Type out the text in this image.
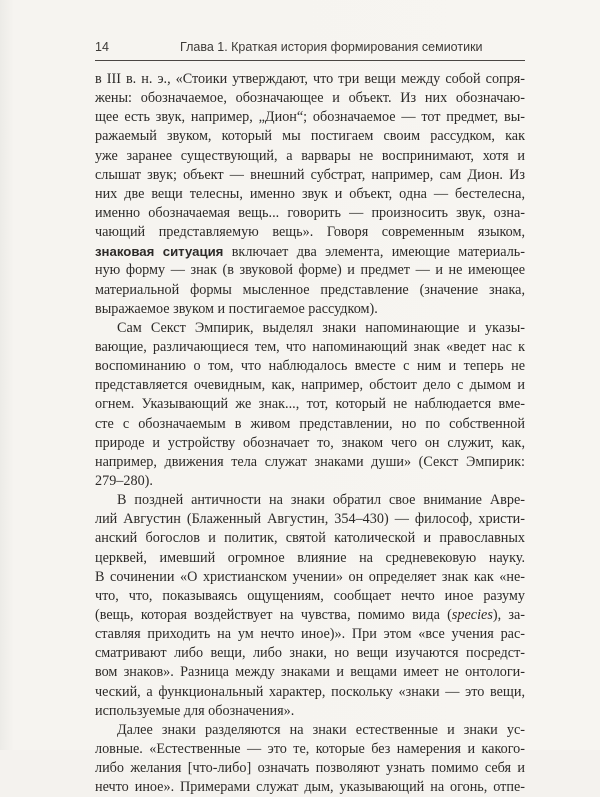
14	Глава 1. Краткая история формирования семиотики
в III в. н. э., «Стоики утверждают, что три вещи между собой сопря-
жены: обозначаемое, обозначающее и объект. Из них обозначаю-
щее есть звук, например, „Дион“; обозначаемое — тот предмет, вы-
ражаемый звуком, который мы постигаем своим рассудком, как
уже заранее существующий, а варвары не воспринимают, хотя и
слышат звук; объект — внешний субстрат, например, сам Дион. Из
них две вещи телесны, именно звук и объект, одна — бестелесна,
именно обозначаемая вещь... говорить — произносить звук, озна-
чающий представляемую вещь». Говоря современным языком,
знаковая ситуация включает два элемента, имеющие материаль-
ную форму — знак (в звуковой форме) и предмет — и не имеющее
материальной формы мысленное представление (значение знака,
выражаемое звуком и постигаемое рассудком).
Сам Секст Эмпирик, выделял знаки напоминающие и указы-
вающие, различающиеся тем, что напоминающий знак «ведет нас к
воспоминанию о том, что наблюдалось вместе с ним и теперь не
представляется очевидным, как, например, обстоит дело с дымом и
огнем. Указывающий же знак..., тот, который не наблюдается вме-
сте с обозначаемым в живом представлении, но по собственной
природе и устройству обозначает то, знаком чего он служит, как,
например, движения тела служат знаками души» (Секст Эмпирик:
279–280).
В поздней античности на знаки обратил свое внимание Авре-
лий Августин (Блаженный Августин, 354–430) — философ, христи-
анский богослов и политик, святой католической и православных
церквей, имевший огромное влияние на средневековую науку.
В сочинении «О христианском учении» он определяет знак как «не-
что, что, показываясь ощущениям, сообщает нечто иное разуму
(вещь, которая воздействует на чувства, помимо вида (species), за-
ставляя приходить на ум нечто иное)». При этом «все учения рас-
сматривают либо вещи, либо знаки, но вещи изучаются посредст-
вом знаков». Разница между знаками и вещами имеет не онтологи-
ческий, а функциональный характер, поскольку «знаки — это вещи,
используемые для обозначения».
Далее знаки разделяются на знаки естественные и знаки ус-
ловные. «Естественные — это те, которые без намерения и какого-
либо желания [что-либо] означать позволяют узнать помимо себя и
нечто иное». Примерами служат дым, указывающий на огонь, отпе-
